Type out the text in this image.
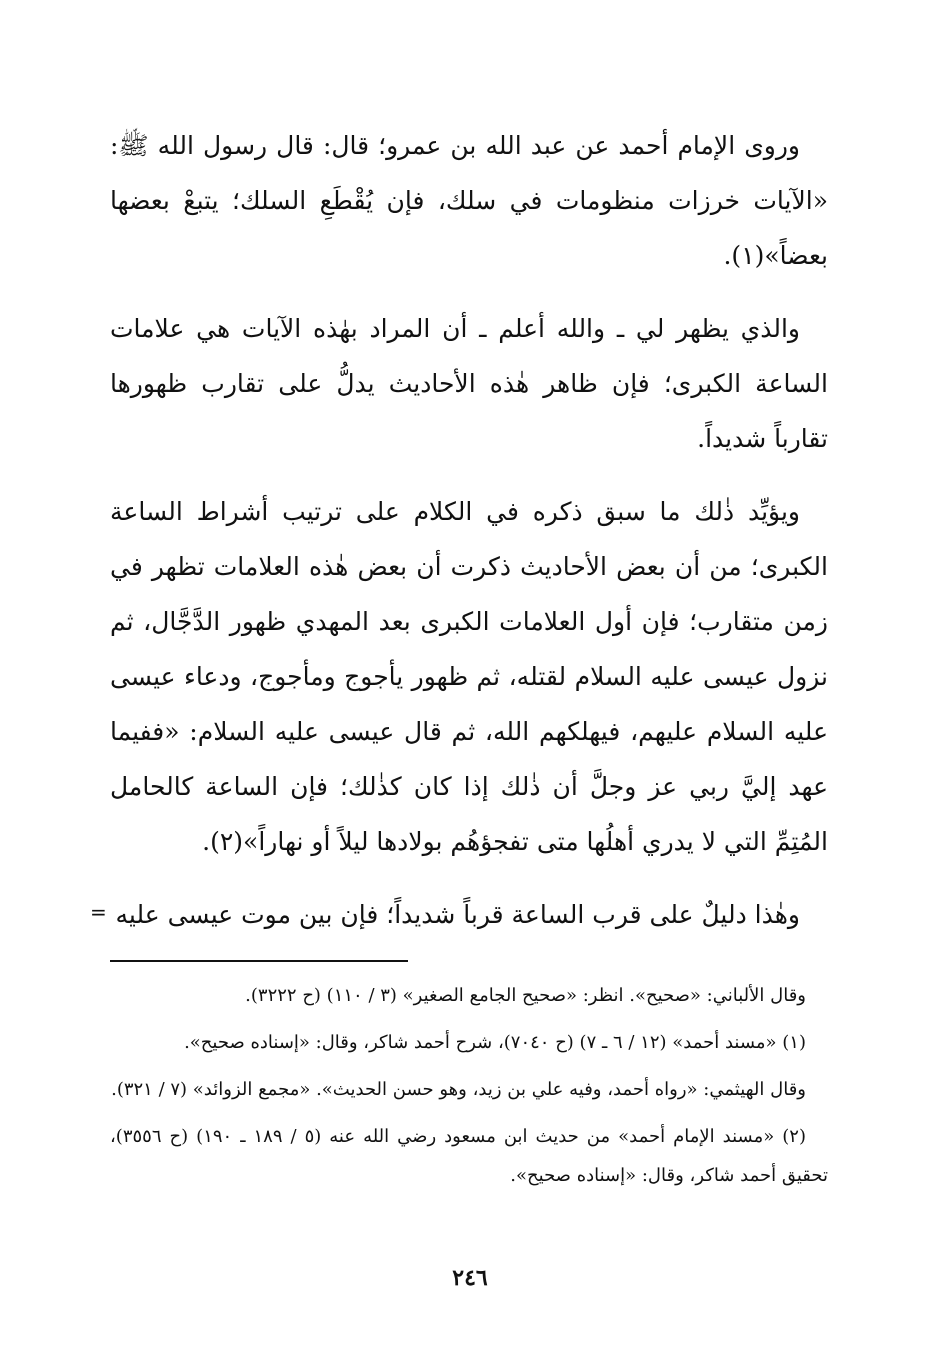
وروى الإمام أحمد عن عبد الله بن عمرو؛ قال: قال رسول الله ﷺ: «الآيات خرزات منظومات في سلك، فإن يُقْطَعِ السلك؛ يتبعْ بعضها بعضاً»(١).

والذي يظهر لي ـ والله أعلم ـ أن المراد بهٰذه الآيات هي علامات الساعة الكبرى؛ فإن ظاهر هٰذه الأحاديث يدلُّ على تقارب ظهورها تقارباً شديداً.

ويؤيِّد ذٰلك ما سبق ذكره في الكلام على ترتيب أشراط الساعة الكبرى؛ من أن بعض الأحاديث ذكرت أن بعض هٰذه العلامات تظهر في زمن متقارب؛ فإن أول العلامات الكبرى بعد المهدي ظهور الدَّجَّال، ثم نزول عيسى عليه السلام لقتله، ثم ظهور يأجوج ومأجوج، ودعاء عيسى عليه السلام عليهم، فيهلكهم الله، ثم قال عيسى عليه السلام: «ففيما عهد إليَّ ربي عز وجلَّ أن ذٰلك إذا كان كذٰلك؛ فإن الساعة كالحامل المُتِمِّ التي لا يدري أهلُها متى تفجؤهُم بولادها ليلاً أو نهاراً»(٢).

وهٰذا دليلٌ على قرب الساعة قرباً شديداً؛ فإن بين موت عيسى عليه

وقال الألباني: «صحيح». انظر: «صحيح الجامع الصغير» (٣ / ١١٠) (ح ٣٢٢٢).

(١) «مسند أحمد» (١٢ / ٦ ـ ٧) (ح ٧٠٤٠)، شرح أحمد شاكر، وقال: «إسناده صحيح».

وقال الهيثمي: «رواه أحمد، وفيه علي بن زيد، وهو حسن الحديث». «مجمع الزوائد» (٧ / ٣٢١).

(٢) «مسند الإمام أحمد» من حديث ابن مسعود رضي الله عنه (٥ / ١٨٩ ـ ١٩٠) (ح ٣٥٥٦)، تحقيق أحمد شاكر، وقال: «إسناده صحيح».

=
٢٤٦
